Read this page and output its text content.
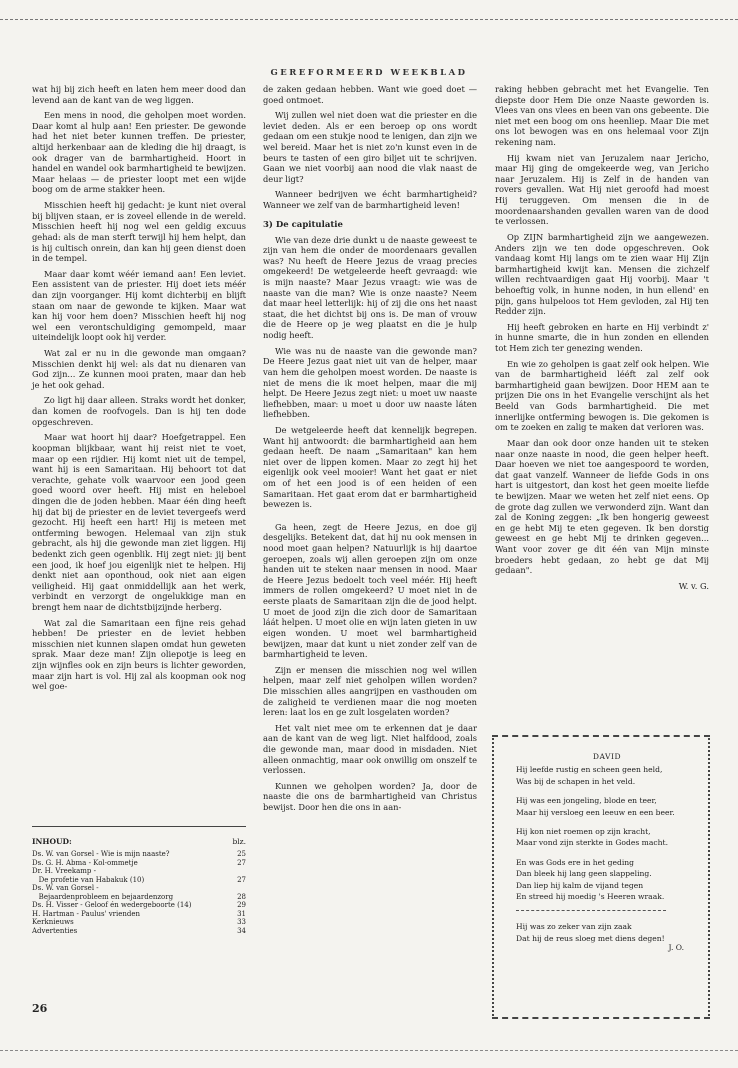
GEREFORMEERD WEEKBLAD

wat hij bij zich heeft en laten hem meer dood dan levend aan de kant van de weg liggen.

Een mens in nood, die geholpen moet worden. Daar komt al hulp aan! Een priester. De gewonde had het niet beter kunnen treffen. De priester, altijd herkenbaar aan de kleding die hij draagt, is ook drager van de barmhartigheid. Hoort in handel en wandel ook barmhartigheid te bewijzen. Maar helaas — de priester loopt met een wijde boog om de arme stakker heen.

Misschien heeft hij gedacht: je kunt niet overal bij blijven staan, er is zoveel ellende in de wereld. Misschien heeft hij nog wel een geldig excuus gehad: als de man sterft terwijl hij hem helpt, dan is hij cultisch onrein, dan kan hij geen dienst doen in de tempel.

Maar daar komt wéér iemand aan! Een leviet. Een assistent van de priester. Hij doet iets méér dan zijn voorganger. Hij komt dichterbij en blijft staan om naar de gewonde te kijken. Maar wat kan hij voor hem doen? Misschien heeft hij nog wel een verontschuldiging gemompeld, maar uiteindelijk loopt ook hij verder.

Wat zal er nu in die gewonde man omgaan? Misschien denkt hij wel: als dat nu dienaren van God zijn... Ze kunnen mooi praten, maar dan heb je het ook gehad.

Zo ligt hij daar alleen. Straks wordt het donker, dan komen de roofvogels. Dan is hij ten dode opgeschreven.

Maar wat hoort hij daar? Hoefgetrappel. Een koopman blijkbaar, want hij reist niet te voet, maar op een rijdier. Hij komt niet uit de tempel, want hij is een Samaritaan. Hij behoort tot dat verachte, gehate volk waarvoor een jood geen goed woord over heeft. Hij mist en heleboel dingen die de joden hebben. Maar één ding heeft hij dat bij de priester en de leviet tevergeefs werd gezocht. Hij heeft een hart! Hij is meteen met ontferming bewogen. Helemaal van zijn stuk gebracht, als hij die gewonde man ziet liggen. Hij bedenkt zich geen ogenblik. Hij zegt niet: jij bent een jood, ik hoef jou eigenlijk niet te helpen. Hij denkt niet aan oponthoud, ook niet aan eigen veiligheid. Hij gaat onmiddellijk aan het werk, verbindt en verzorgt de ongelukkige man en brengt hem naar de dichtstbijzijnde herberg.

Wat zal die Samaritaan een fijne reis gehad hebben! De priester en de leviet hebben misschien niet kunnen slapen omdat hun geweten sprak. Maar deze man! Zijn oliepotje is leeg en zijn wijnfles ook en zijn beurs is lichter geworden, maar zijn hart is vol. Hij zal als koopman ook nog wel goe-

INHOUD:	blz.
Ds. W. van Gorsel - Wie is mijn naaste?	25
Ds. G. H. Abma - Kol-ommetje	27
Dr. H. Vreekamp -
De profetie van Habakuk (10)	27
Ds. W. van Gorsel -
Bejaardenprobleem en bejaardenzorg	28
Ds. H. Visser - Geloof én wedergeboorte (14)	29
H. Hartman - Paulus' vrienden	31
Kerknieuws	33
Advertenties	34

de zaken gedaan hebben. Want wie goed doet — goed ontmoet.

Wij zullen wel niet doen wat die priester en die leviet deden. Als er een beroep op ons wordt gedaan om een stukje nood te lenigen, dan zijn we wel bereid. Maar het is niet zo'n kunst even in de beurs te tasten of een giro biljet uit te schrijven. Gaan we niet voorbij aan nood die vlak naast de deur ligt?

Wanneer bedrijven we écht barmhartigheid? Wanneer we zelf van de barmhartigheid leven!

3) De capitulatie

Wie van deze drie dunkt u de naaste geweest te zijn van hem die onder de moordenaars gevallen was? Nu heeft de Heere Jezus de vraag precies omgekeerd! De wetgeleerde heeft gevraagd: wie is mijn naaste? Maar Jezus vraagt: wie was de naaste van die man? Wie is onze naaste? Neem dat maar heel letterlijk: hij of zij die ons het naast staat, die het dichtst bij ons is. De man of vrouw die de Heere op je weg plaatst en die je hulp nodig heeft.

Wie was nu de naaste van die gewonde man? De Heere Jezus gaat niet uit van de helper, maar van hem die geholpen moest worden. De naaste is niet de mens die ik moet helpen, maar die mij helpt. De Heere Jezus zegt niet: u moet uw naaste liefhebben, maar: u moet u door uw naaste láten liefhebben.

De wetgeleerde heeft dat kennelijk begrepen. Want hij antwoordt: die barmhartigheid aan hem gedaan heeft. De naam „Samaritaan" kan hem niet over de lippen komen. Maar zo zegt hij het eigenlijk ook veel mooier! Want het gaat er niet om of het een jood is of een heiden of een Samaritaan. Het gaat erom dat er barmhartigheid bewezen is.

Ga heen, zegt de Heere Jezus, en doe gij desgelijks. Betekent dat, dat hij nu ook mensen in nood moet gaan helpen? Natuurlijk is hij daartoe geroepen, zoals wij allen geroepen zijn om onze handen uit te steken naar mensen in nood. Maar de Heere Jezus bedoelt toch veel méér. Hij heeft immers de rollen omgekeerd? U moet niet in de eerste plaats de Samaritaan zijn die de jood helpt. U moet de jood zijn die zich door de Samaritaan láát helpen. U moet olie en wijn laten gieten in uw eigen wonden. U moet wel barmhartigheid bewijzen, maar dat kunt u niet zonder zelf van de barmhartigheid te leven.

Zijn er mensen die misschien nog wel willen helpen, maar zelf niet geholpen willen worden? Die misschien alles aangrijpen en vasthouden om de zaligheid te verdienen maar die nog moeten leren: laat los en ge zult losgelaten worden?

Het valt niet mee om te erkennen dat je daar aan de kant van de weg ligt. Niet halfdood, zoals die gewonde man, maar dood in misdaden. Niet alleen onmachtig, maar ook onwillig om onszelf te verlossen.

Kunnen we geholpen worden? Ja, door de naaste die ons de barmhartigheid van Christus bewijst. Door hen die ons in aan-

raking hebben gebracht met het Evangelie. Ten diepste door Hem Die onze Naaste geworden is. Vlees van ons vlees en been van ons gebeente. Die niet met een boog om ons heenliep. Maar Die met ons lot bewogen was en ons helemaal voor Zijn rekening nam.

Hij kwam niet van Jeruzalem naar Jericho, maar Hij ging de omgekeerde weg, van Jericho naar Jeruzalem. Hij is Zelf in de handen van rovers gevallen. Wat Hij niet geroofd had moest Hij teruggeven. Om mensen die in de moordenaarshanden gevallen waren van de dood te verlossen.

Op ZIJN barmhartigheid zijn we aangewezen. Anders zijn we ten dode opgeschreven. Ook vandaag komt Hij langs om te zien waar Hij Zijn barmhartigheid kwijt kan. Mensen die zichzelf willen rechtvaardigen gaat Hij voorbij. Maar 't behoeftig volk, in hunne noden, in hun ellend' en pijn, gans hulpeloos tot Hem gevloden, zal Hij ten Redder zijn.

Hij heeft gebroken en harte en Hij verbindt z' in hunne smarte, die in hun zonden en ellenden tot Hem zich ter genezing wenden.

En wie zo geholpen is gaat zelf ook helpen. Wie van de barmhartigheid lééft zal zelf ook barmhartigheid gaan bewijzen. Door HEM aan te prijzen Die ons in het Evangelie verschijnt als het Beeld van Gods barmhartigheid. Die met innerlijke ontferming bewogen is. Die gekomen is om te zoeken en zalig te maken dat verloren was.

Maar dan ook door onze handen uit te steken naar onze naaste in nood, die geen helper heeft. Daar hoeven we niet toe aangespoord te worden, dat gaat vanzelf. Wanneer de liefde Gods in ons hart is uitgestort, dan kost het geen moeite liefde te bewijzen. Maar we weten het zelf niet eens. Op de grote dag zullen we verwonderd zijn. Want dan zal de Koning zeggen: „Ik ben hongerig geweest en ge hebt Mij te eten gegeven. Ik ben dorstig geweest en ge hebt Mij te drinken gegeven... Want voor zover ge dit één van Mijn minste broeders hebt gedaan, zo hebt ge dat Mij gedaan".

W. v. G.
DAVID
Hij leefde rustig en scheen geen held,
Was bij de schapen in het veld.
Hij was een jongeling, blode en teer,
Maar hij versloeg een leeuw en een beer.
Hij kon niet roemen op zijn kracht,
Maar vond zijn sterkte in Godes macht.
En was Gods ere in het geding
Dan bleek hij lang geen slappeling.
Dan liep hij kalm de vijand tegen
En streed hij moedig 's Heeren wraak.
Hij was zo zeker van zijn zaak
Dat hij de reus sloeg met diens degen!
J. O.
26
